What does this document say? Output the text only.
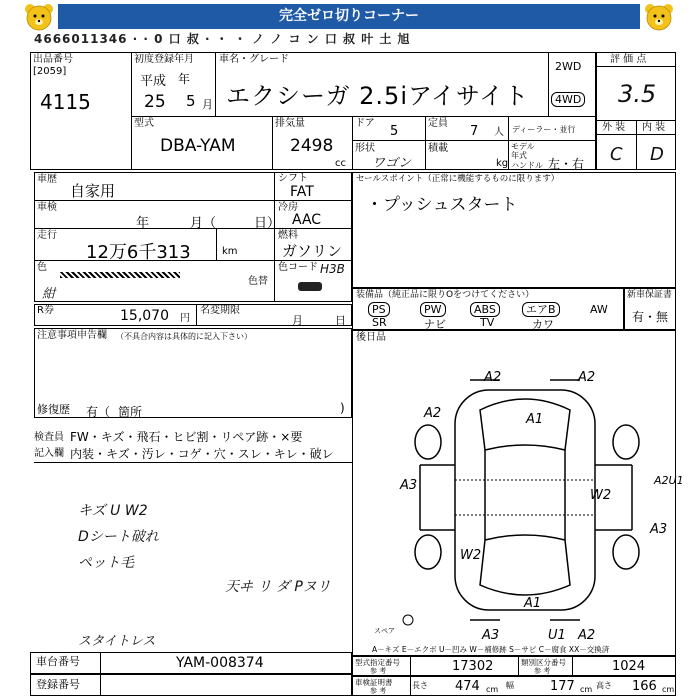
完全ゼロ切りコーナー
4666011346 · · 0 口 叔 · ・ ・ ノ ノ コ ン 口 叔 叶 土 旭
出品番号
[2059]
4115
初度登録年月
平成
25
年
5 月
車名・グレード
エクシーガ 2.5iアイサイト
2WD
4WD
評 価 点
3.5
外 装 内 装
C D
型式
DBA-YAM
排気量
2498
cc
ドア
5
定員
7 人 ディーラー・並行
形状
ワゴン
積載
kg
モデル年式
ハンドル 左・右
車歴
自家用
シフト
FAT
車検
年	月（	日）
冷房
AAC
走行
12万6千313	km
燃料
ガソリン
色
紺
色替
色コード H3B
セールスポイント（正常に機能するものに限ります）
・プッシュスタート
装備品（純正品に限りOをつけてください）
PS	PW	ABS	エアB	AW
SR	ナビ	TV	カワ
新車保証書
有・無
R券	15,070 円
名変期限
月	日
注意事項申告欄 （不具合内容は具体的に記入下さい）
修復歴 有（ 箇所	)
後日品
検査員 FW・キズ・飛石・ヒビ割・リペア跡・×要
記入欄 内装・キズ・汚レ・コゲ・穴・スレ・キレ・破レ
キズ U W2
Dシート破れ
ペット毛
天ヰ リ ダ Pヌリ
スタイトレス
A2	A2
A2	A1
A3
W2
A2U1
A3
W2
A1
A3	U1 A2
スペア
A－キズ E－エクボ U－凹み W－補修跡 S－サビ C－腐食 XX－交換済
車台番号	YAM-008374
登録番号
型式指定番号
参 考	17302	類別区分番号
参 考	1024
車検証明書
参 考
長さ 474 cm 幅	177 cm 高さ 166 cm
